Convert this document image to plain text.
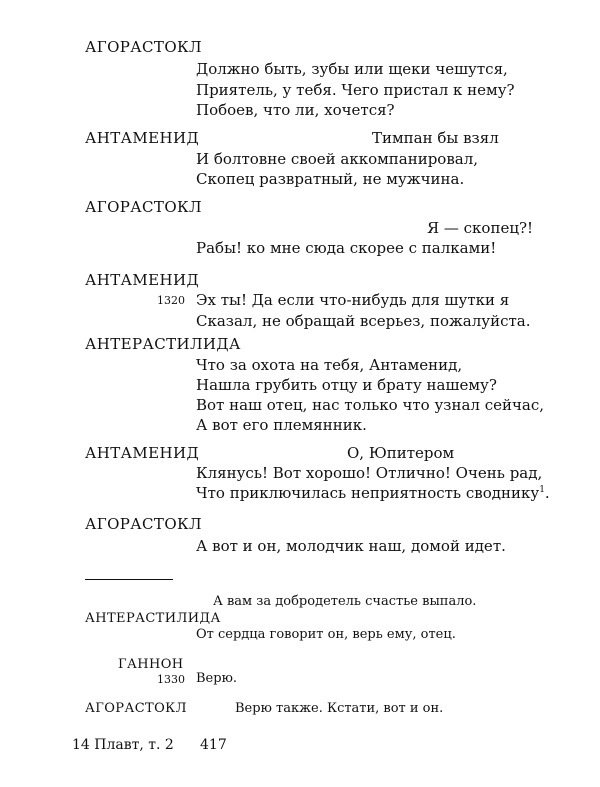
АГОРАСТОКЛ
Должно быть, зубы или щеки чешутся,
Приятель, у тебя. Чего пристал к нему?
Побоев, что ли, хочется?
АНТАМЕНИД	Тимпан бы взял
И болтовне своей аккомпанировал,
Скопец развратный, не мужчина.
АГОРАСТОКЛ
Я — скопец?!
Рабы! ко мне сюда скорее с палками!
АНТАМЕНИД
1320 Эх ты! Да если что-нибудь для шутки я
Сказал, не обращай всерьез, пожалуйста.
АНТЕРАСТИЛИДА
Что за охота на тебя, Антаменид,
Нашла грубить отцу и брату нашему?
Вот наш отец, нас только что узнал сейчас,
А вот его племянник.
АНТАМЕНИД	О, Юпитером
Клянусь! Вот хорошо! Отлично! Очень рад,
Что приключилась неприятность своднику$^1$.
АГОРАСТОКЛ
А вот и он, молодчик наш, домой идет.
А вам за добродетель счастье выпало.
АНТЕРАСТИЛИДА
От сердца говорит он, верь ему, отец.
ГАННОН
1330 Верю.
АГОРАСТОКЛ	Верю также. Кстати, вот и он.
14 Плавт, т. 2 417
